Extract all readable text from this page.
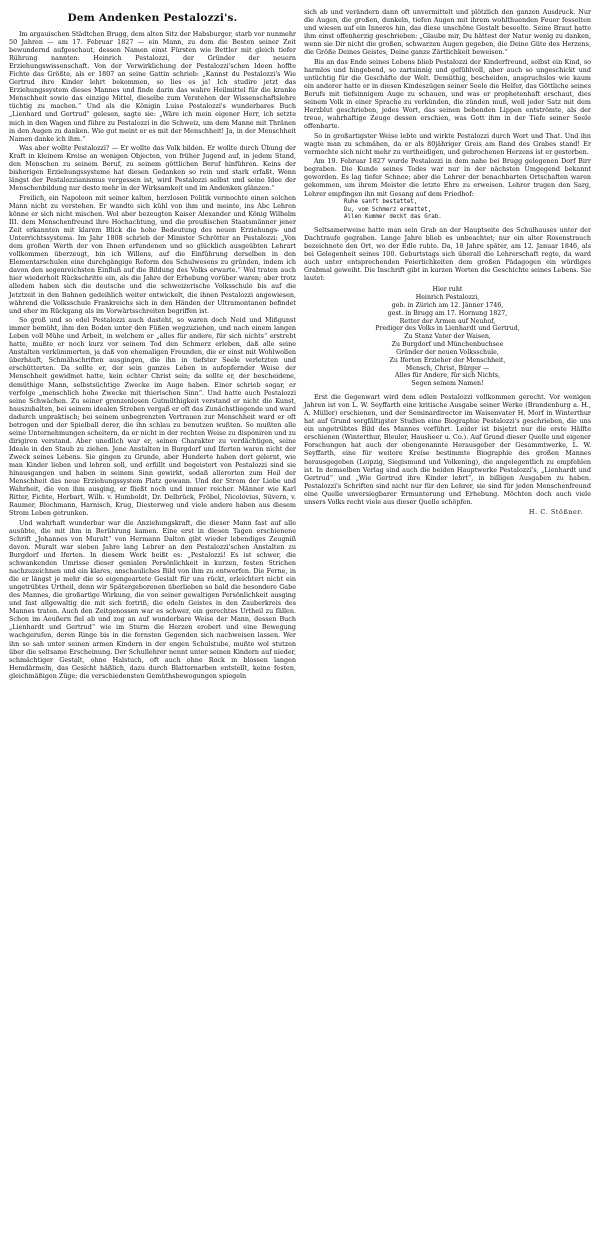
Dem Andenken Pestalozzi's.

Im argauischen Städtchen Brugg, dem alten Sitz der Habsburger, starb vor nunmehr 50 Jahren — am 17. Februar 1827 — ein Mann, zu dem die Besten seiner Zeit bewundernd aufgeschaut, dessen Namen einst Fürsten wie Bettler mit gleich tiefer Rührung nannten: Heinrich Pestalozzi, der Gründer der neuern Erziehungswissenschaft. Von der Verwirklichung der Pestalozzi'schen Ideen hoffte Fichte das Größte, als er 1807 an seine Gattin schrieb: „Kannst du Pestalozzi's Wie Gertrud ihre Kinder lehrt bekommen, so lies es ja! Ich studire jetzt das Erziehungssystem dieses Mannes und finde darin das wahre Heilmittel für die kranke Menschheit sowie das einzige Mittel, dieselbe zum Verstehen der Wissenschaftslehre tüchtig zu machen.“ Und als die Königin Luise Pestalozzi's wunderbares Buch „Lienhard und Gertrud“ gelesen, sagte sie: „Wäre ich mein eigener Herr, ich setzte mich in den Wagen und führe zu Pestalozzi in die Schweiz, um dem Manne mit Thränen in den Augen zu danken. Wie gut meint er es mit der Menschheit! Ja, in der Menschheit Namen danke ich ihm.“

Was aber wollte Pestalozzi? — Er wollte das Volk bilden. Er wollte durch Übung der Kraft in kleinem Kreise an wenigen Objecten, von früher Jugend auf, in jedem Stand, den Menschen zu seinem Beruf, zu seinem göttlichen Beruf hinführen. Keins der bisherigen Erziehungssysteme hat diesen Gedanken so rein und stark erfaßt. Wenn längst der Pestalozzianismus vergessen ist, wird Pestalozzi selbst und seine Idee der Menschenbildung nur desto mehr in der Wirksamkeit und im Andenken glänzen.“

Freilich, ein Napoleon mit seiner kalten, herzlosen Politik vermochte einen solchen Mann nicht zu verstehen. Er wandte sich kühl von ihm und meinte, ins Abc Lehren könne er sich nicht mischen. Wol aber bezeugten Kaiser Alexander und König Wilhelm III. dem Menschenfreund ihre Hochachtung, und die preußischen Staatsmänner jener Zeit erkannten mit klarem Blick die hohe Bedeutung des neuen Erziehungs- und Unterrichtssystems. Im Jahr 1808 schrieb der Minister Schrötter an Pestalozzi: „Von dem großen Werth der von Ihnen erfundenen und so glücklich ausgeübten Lehrart vollkommen überzeugt, bin ich Willens, auf die Einführung derselben in den Elementarschulen eine durchgängige Reform des Schulwesens zu gründen, indem ich davon den segenreichsten Einfluß auf die Bildung des Volks erwarte.“ Wol traten auch hier wiederholt Rückschritte ein, als die Jahre der Erhebung vorüber waren; aber trotz alledem haben sich die deutsche und die schweizerische Volksschule bis auf die Jetztzeit in den Bahnen gedeihlich weiter entwickelt, die ihnen Pestalozzi angewiesen, während die Volksschule Frankreichs sich in den Händen der Ultramontanen befindet und eher im Rückgang als im Vorwärtsschreiten begriffen ist.

So groß und so edel Pestalozzi auch dasteht, so waren doch Neid und Mißgunst immer bemüht, ihm den Boden unter den Füßen wegzuziehen, und nach einem langen Leben voll Mühe und Arbeit, in welchem er „alles für andere, für sich nichts“ erstrebt hatte, mußte er noch kurz vor seinem Tod den Schmerz erleben, daß alle seine Anstalten verkümmerten, ja daß von ehemaligen Freunden, die er einst mit Wohlwollen überhäuft, Schmähschriften ausgingen, die ihn in tiefster Seele verletzten und erschütterten. Da sollte er, der sein ganzes Leben in aufopfernder Weise der Menschheit gewidmet hatte, kein echter Christ sein; da sollte er, der bescheidene, demüthige Mann, selbstsüchtige Zwecke im Auge haben. Einer schrieb sogar, er verfolge „menschlich hohe Zwecke mit thierischen Sinn“. Und hatte auch Pestalozzi seine Schwächen. Zu seiner grenzenlosen Gutmüthigkeit verstand er nicht die Kunst, hauszuhalten, bei seinem idealen Streben vergaß er oft das Zunächstliegende und ward dadurch unpraktisch; bei seinem unbegrenzten Vertrauen zur Menschheit ward er oft betrogen und der Spielball derer, die ihn schlau zu benutzen wußten. So mußten alle seine Unternehmungen scheitern, da er nicht in der rechten Weise zu disponiren und zu dirigiren verstand. Aber unedlich war er, seinen Charakter zu verdächtigen, seine Ideale in den Staub zu ziehen. Jene Anstalten in Burgdorf und Iferten waren nicht der Zweck seines Lebens. Sie gingen zu Grunde, aber Hunderte haben dort gelernt, wie man Kinder lieben und lehren soll, und erfüllt und begeistert von Pestalozzi sind sie hinausgangen und haben in seinem Sinn gewirkt, sodaß allerorten zum Heil der Menschheit das neue Erziehungssystem Platz gewann. Und der Strom der Liebe und Wahrheit, die von ihm ausging, er fließt noch und immer reicher. Männer wie Karl Ritter, Fichte, Herbart, Wilh. v. Humboldt, Dr. Delbrück, Fröbel, Nicolovius, Süvern, v. Raumer, Blochmann, Harnisch, Krug, Diesterweg und viele andere haben aus diesem Strom Leben getrunken.

Und wahrhaft wunderbar war die Anziehungskraft, die dieser Mann fast auf alle ausübte, die mit ihm in Berührung kamen. Eine erst in diesen Tagen erschienene Schrift „Johannes von Muralt“ von Hermann Dalton gibt wieder lebendiges Zeugniß davon. Muralt war sieben Jahre lang Lehrer an den Pestalozzi'schen Anstalten zu Burgdorf und Iferten. In diesem Werk heißt es: „Pestalozzi! Es ist schwer, die schwankenden Umrisse dieser genialen Persönlichkeit in kurzen, festen Strichen nachzuzeichnen und ein klares, anschauliches Bild von ihm zu entwerfen. Die Ferne, in die er längst je mehr die so eigengeartete Gestalt für uns rückt, erleichtert nicht ein ungetrübtes Urtheil, denn wir Spätergeborenen überlieben so bald die besondere Gabe des Mannes, die großartige Wirkung, die von seiner gewaltigen Persönlichkeit ausging und fast allgewaltig die mit sich fortriß, die edeln Geistes in den Zauberkreis des Mannes traten. Auch den Zeitgenossen war es schwer, ein gerechtes Urtheil zu fällen. Schon im Aeußern fiel ab und zog an auf wunderbare Weise der Mann, dessen Buch „Lienhardt und Gertrud“ wie im Sturm die Herzen erobert und eine Bewegung wachgerufen, deren Ringe bis in die fernsten Gegenden sich nachweisen lassen. Wer ihn so sah unter seinen armen Kindern in der engen Schulstube, mußte wol stutzen über die seltsame Erscheinung. Der Schullehrer nennt unter seinen Kindern auf nieder, schmächtiger Gestalt, ohne Halstuch, oft auch ohne Rock in blossen langen Hemdärmeln, das Gesicht häßlich, dazu durch Blatternarben entstellt, keine festen, gleichmäßigen Züge; die verschiedensten Gemüthsbewegungen spiegeln

sich ab und verändern dann oft unvermittelt und plötzlich den ganzen Ausdruck. Nur die Augen, die großen, dunkeln, tiefen Augen mit ihrem wohlthuenden Feuer fesselten und wiesen auf ein Inneres hin, das diese unschöne Gestalt beseelte. Seine Braut hatte ihm einst offenherzig geschrieben: „Glaube mir, Du hättest der Natur wenig zu danken, wenn sie Dir nicht die großen, schwarzen Augen gegeben, die Deine Güte des Herzens, die Größe Deines Geistes, Deine ganze Zärtlichkeit beweisen.“

Bis an das Ende seines Lebens blieb Pestalozzi der Kinderfreund, selbst ein Kind, so harmlos und hingebend, so zartsinnig und gefühlvoll, aber auch so ungeschickt und untüchtig für die Geschäfte der Welt. Demüthig, bescheiden, anspruchslos wie kaum ein anderer hatte er in diesen Kindeszügen seiner Seele die Helfer, das Göttliche seines Berufs mit tiefsinnigem Auge zu schauen, und was er prophetenhaft erschaut, dies seinem Volk in einer Sprache zu verkünden, die zünden muß, weil jeder Satz mit dem Herzblut geschrieben, jedes Wort, das seinen bebenden Lippen entströmte, als der treue, wahrhaftige Zeuge dessen erschien, was Gott ihm in der Tiefe seiner Seele offenbarte.

So in großartigster Weise lebte und wirkte Pestalozzi durch Wort und That. Und ihn wagte man zu schmähen, da er als 80jähriger Greis am Rand des Grabes stand! Er vermochte sich nicht mehr zu vertheidigen, und gebrochenen Herzens ist er gestorben.

Am 19. Februar 1827 wurde Pestalozzi in dem nahe bei Brugg gelegenen Dorf Birr begraben. Die Kunde seines Todes war nur in der nächsten Umgegend bekannt geworden. Es lag tiefer Schnee; aber die Lehrer der benachbarten Ortschaften waren gekommen, um ihrem Meister die letzte Ehre zu erweisen. Lehrer trugen den Sarg, Lehrer empfingen ihn mit Gesang auf dem Friedhof:

Ruhe sanft bestattet,
Du, vom Schmerz ermattet,
Allen Kummer deckt das Grab.

Seltsamerweise hatte man sein Grab an der Hauptseite des Schulhauses unter der Dachtraufe gegraben. Lange Jahre blieb es unbeachtet; nur ein alter Rosenstrauch bezeichnete den Ort, wo der Edle ruhte. Da, 18 Jahre später, am 12. Januar 1846, als bei Gelegenheit seines 100. Geburtstags sich überall die Lehrerschaft regte, da ward auch unter entsprechenden Feierlichkeiten dem großen Pädagogen ein würdiges Grabmal geweiht. Die Inschrift gibt in kurzen Worten die Geschichte seines Lebens. Sie lautet:

Hier ruht
Heinrich Pestalozzi,
geb. in Zürich am 12. Jänner 1746,
gest. in Brugg am 17. Hornung 1827,
Retter der Armen auf Neuhof,
Prediger des Volks in Lienhardt und Gertrud,
Zu Stanz Vater der Waisen,
Zu Burgdorf und Münchenbuchsee
Gründer der neuen Volksschule,
Zu Iferten Erzieher der Menschheit,
Mensch, Christ, Bürger —
Alles für Andere, für sich Nichts,
Segen seinem Namen!

Erst die Gegenwart wird dem edlen Pestalozzi vollkommen gerecht. Vor wenigen Jahren ist von L. W. Seyffarth eine kritische Ausgabe seiner Werke (Brandenburg a. H., A. Müller) erschienen, und der Seminardirector im Waisenvater H. Morf in Winterthur hat auf Grund sorgfältigster Studien eine Biographie Pestalozzi's geschrieben, die uns ein ungetrübtes Bild des Mannes vorführt. Leider ist bisjetzt nur die erste Hälfte erschienen (Winterthur, Bleuler, Hausheer u. Co.). Auf Grund dieser Quelle und eigener Forschungen hat auch der obengenannte Herausgeber der Gesammtwerke, L. W. Seyffarth, eine für weitere Kreise bestimmte Biographie des großen Mannes herausgegeben (Leipzig, Siegismund und Volkening), die angelegentlich zu empfehlen ist. In demselben Verlag sind auch die beiden Hauptwerke Pestalozzi's, „Lienhardt und Gertrud“ und „Wie Gertrud ihre Kinder lehrt“, in billigen Ausgaben zu haben. Pestalozzi's Schriften sind nicht nur für den Lehrer, sie sind für jeden Menschenfreund eine Quelle unversiegbarer Ermunterung und Erhebung. Möchten doch auch viele unsers Volks recht viele aus dieser Quelle schöpfen.

H. C. Stößner.
